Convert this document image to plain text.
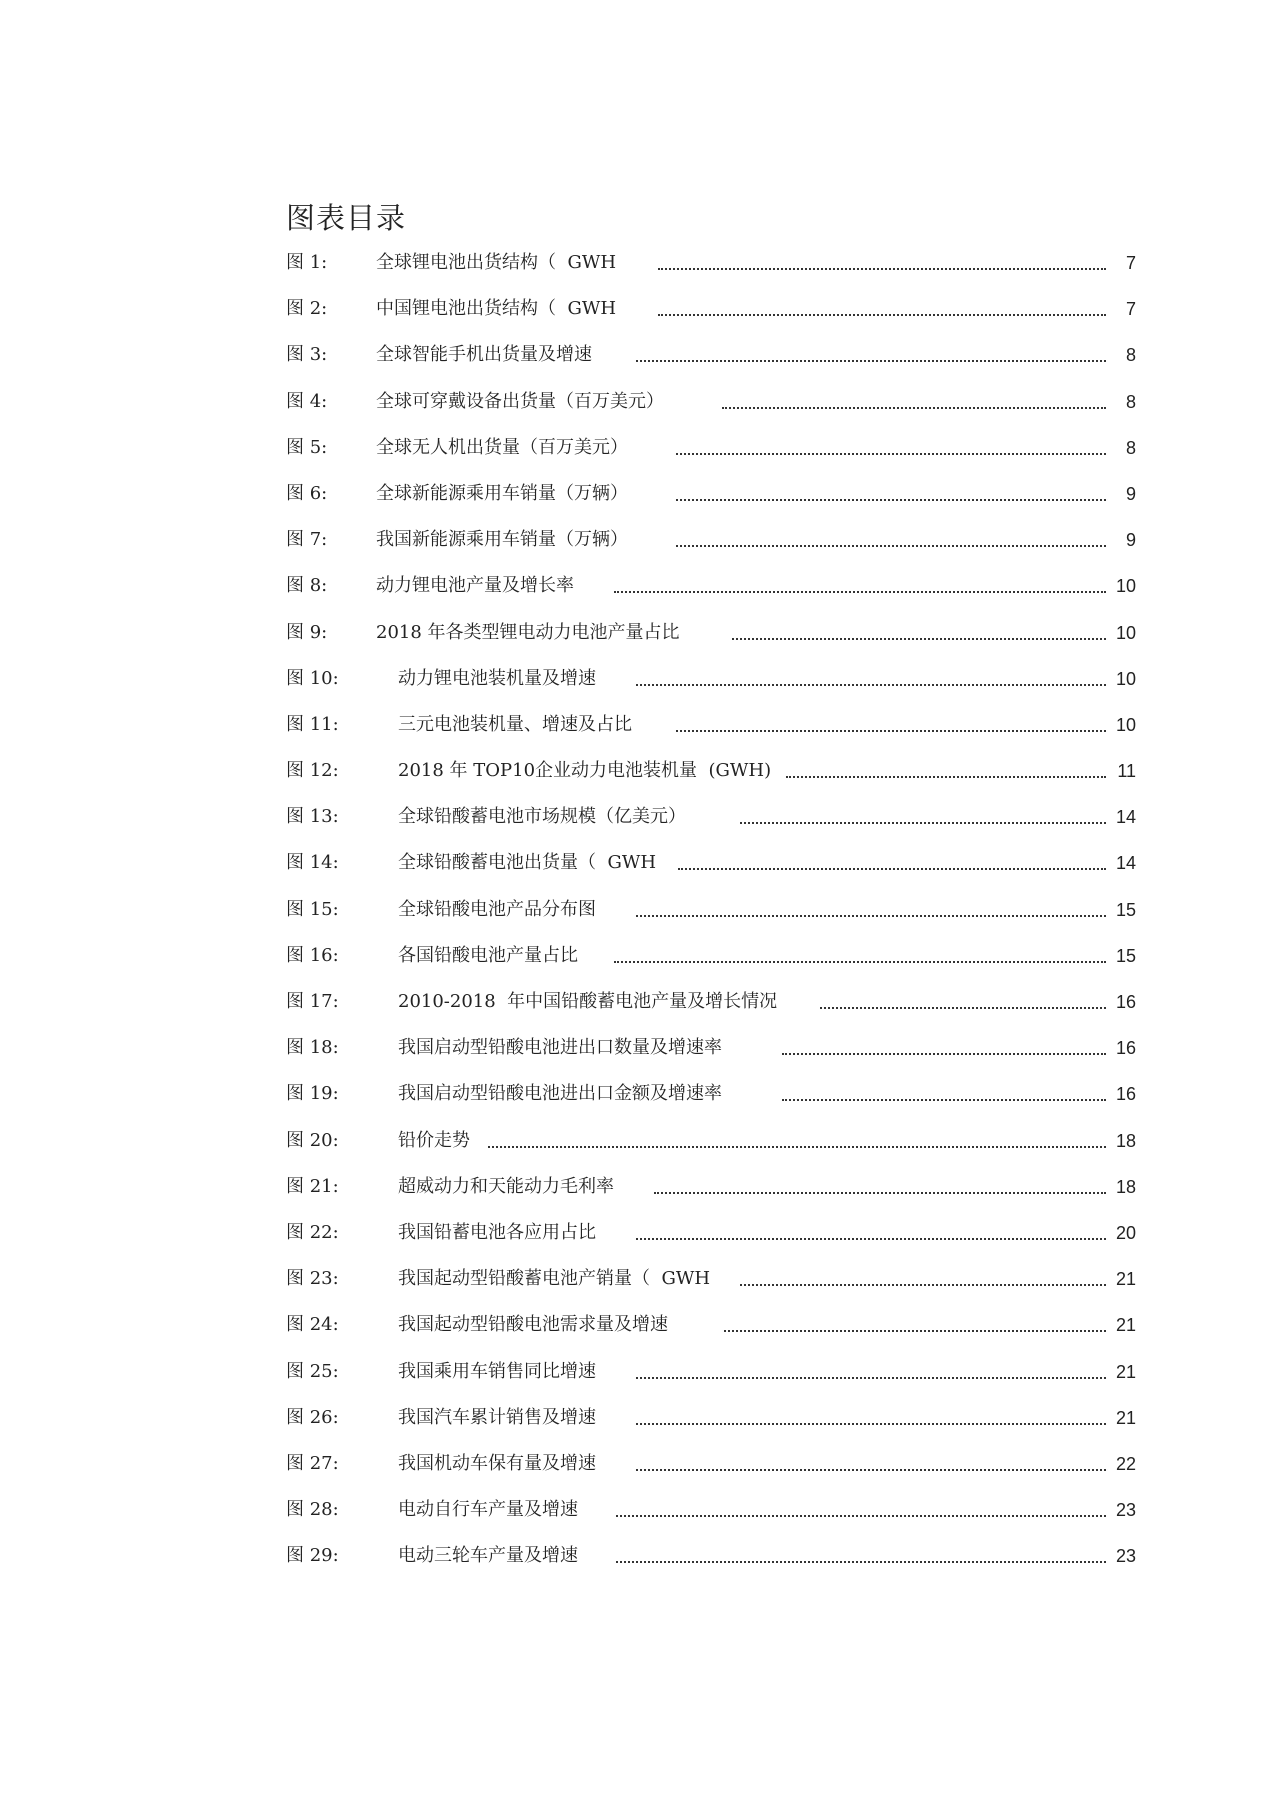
图表目录
图 1:	全球锂电池出货结构（  GWH	7
图 2:	中国锂电池出货结构（  GWH	7
图 3:	全球智能手机出货量及增速	8
图 4:	全球可穿戴设备出货量（百万美元）	8
图 5:	全球无人机出货量（百万美元）	8
图 6:	全球新能源乘用车销量（万辆）	9
图 7:	我国新能源乘用车销量（万辆）	9
图 8:	动力锂电池产量及增长率	10
图 9:	2018 年各类型锂电动力电池产量占比	10
图 10:	动力锂电池装机量及增速	10
图 11:	三元电池装机量、增速及占比	10
图 12:	2018 年 TOP10企业动力电池装机量  (GWH)	11
图 13:	全球铅酸蓄电池市场规模（亿美元）	14
图 14:	全球铅酸蓄电池出货量（  GWH	14
图 15:	全球铅酸电池产品分布图	15
图 16:	各国铅酸电池产量占比	15
图 17:	2010-2018  年中国铅酸蓄电池产量及增长情况	16
图 18:	我国启动型铅酸电池进出口数量及增速率	16
图 19:	我国启动型铅酸电池进出口金额及增速率	16
图 20:	铅价走势	18
图 21:	超威动力和天能动力毛利率	18
图 22:	我国铅蓄电池各应用占比	20
图 23:	我国起动型铅酸蓄电池产销量（  GWH	21
图 24:	我国起动型铅酸电池需求量及增速	21
图 25:	我国乘用车销售同比增速	21
图 26:	我国汽车累计销售及增速	21
图 27:	我国机动车保有量及增速	22
图 28:	电动自行车产量及增速	23
图 29:	电动三轮车产量及增速	23
